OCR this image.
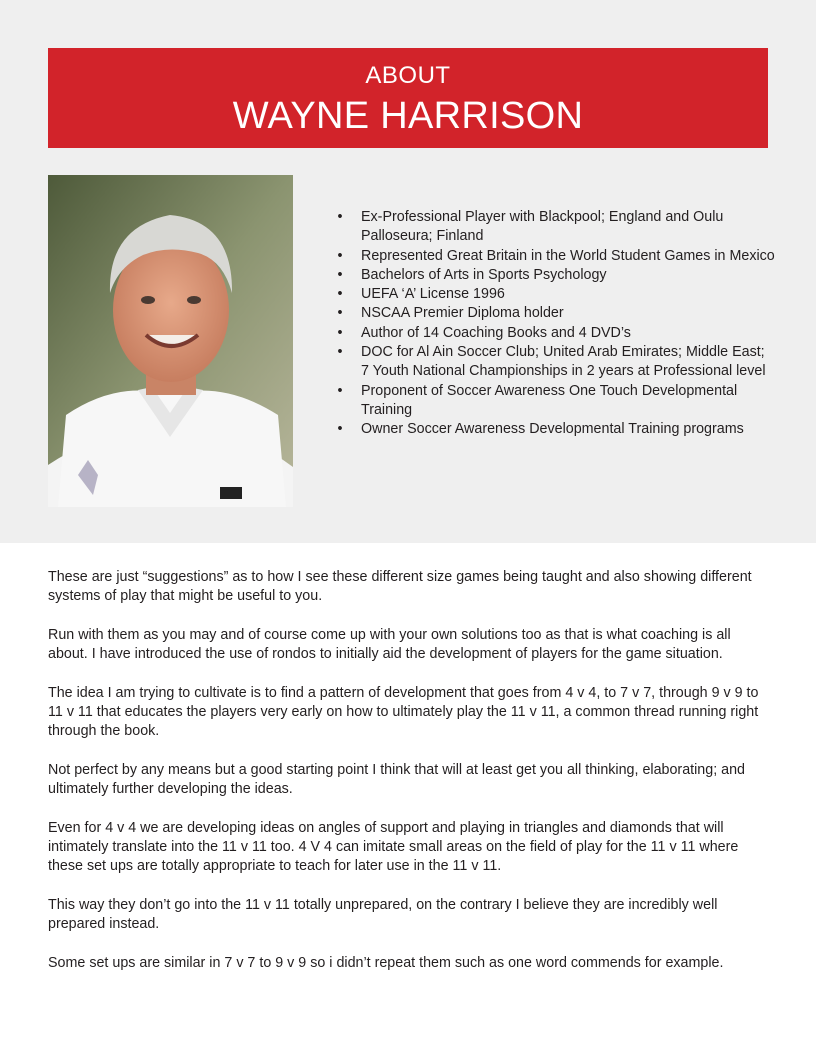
ABOUT
WAYNE HARRISON
• Ex-Professional Player with Blackpool; England and Oulu Palloseura; Finland
• Represented Great Britain in the World Student Games in Mexico
• Bachelors of Arts in Sports Psychology
• UEFA ‘A’ License 1996
• NSCAA Premier Diploma holder
• Author of 14 Coaching Books and 4 DVD’s
• DOC for Al Ain Soccer Club; United Arab Emirates; Middle East; 7 Youth National Championships in 2 years at Professional level
• Proponent of Soccer Awareness One Touch Developmental Training
• Owner Soccer Awareness Developmental Training programs

These are just “suggestions” as to how I see these different size games being taught and also showing different systems of play that might be useful to you.

Run with them as you may and of course come up with your own solutions too as that is what coaching is all about. I have introduced the use of rondos to initially aid the development of players for the game situation.

The idea I am trying to cultivate is to find a pattern of development that goes from 4 v 4, to 7 v 7, through 9 v 9 to 11 v 11 that educates the players very early on how to ultimately play the 11 v 11, a common thread running right through the book.

Not perfect by any means but a good starting point I think that will at least get you all thinking, elaborating; and ultimately further developing the ideas.

Even for 4 v 4 we are developing ideas on angles of support and playing in triangles and diamonds that will intimately translate into the 11 v 11 too. 4 V 4 can imitate small areas on the field of play for the 11 v 11 where these set ups are totally appropriate to teach for later use in the 11 v 11.

This way they don’t go into the 11 v 11 totally unprepared, on the contrary I believe they are incredibly well prepared instead.

Some set ups are similar in 7 v 7 to 9 v 9 so i didn’t repeat them such as one word commends for example.
